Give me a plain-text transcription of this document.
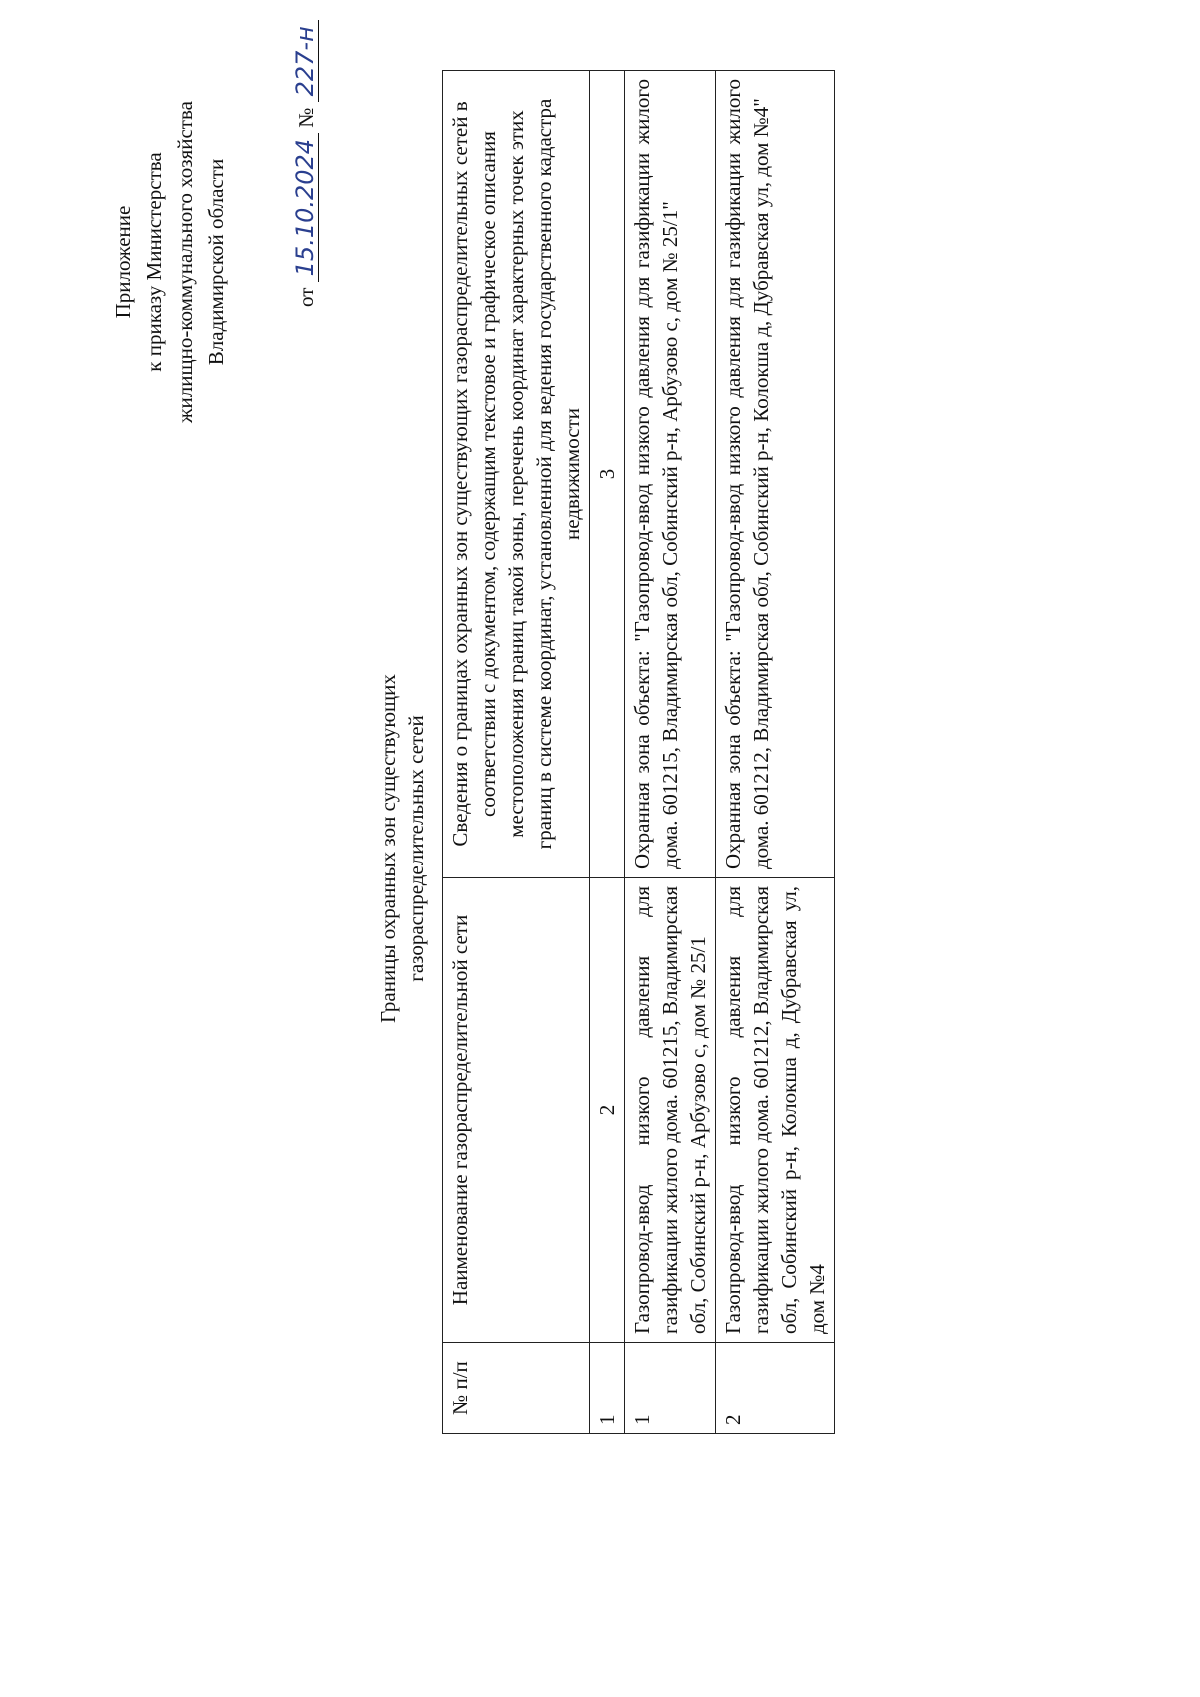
Приложение к приказу Министерства жилищно-коммунального хозяйства Владимирской области	от 15.10.2024 № 227-н
Границы охранных зон существующих газораспределительных сетей
№ п/п	Наименование газораспределительной сети	Сведения о границах охранных зон существующих газораспределительных сетей в соответствии с документом, содержащим текстовое и графическое описания местоположения границ такой зоны, перечень координат характерных точек этих границ в системе координат, установленной для ведения государственного кадастра недвижимости
1	2	3
1	Газопровод-ввод низкого давления для газификации жилого дома. 601215, Владимирская обл, Собинский р-н, Арбузово с, дом № 25/1	Охранная зона объекта: "Газопровод-ввод низкого давления для газификации жилого дома. 601215, Владимирская обл, Собинский р-н, Арбузово с, дом № 25/1"
2	Газопровод-ввод низкого давления для газификации жилого дома. 601212, Владимирская обл, Собинский р-н, Колокша д, Дубравская ул, дом №4	Охранная зона объекта: "Газопровод-ввод низкого давления для газификации жилого дома. 601212, Владимирская обл, Собинский р-н, Колокша д, Дубравская ул, дом №4"
